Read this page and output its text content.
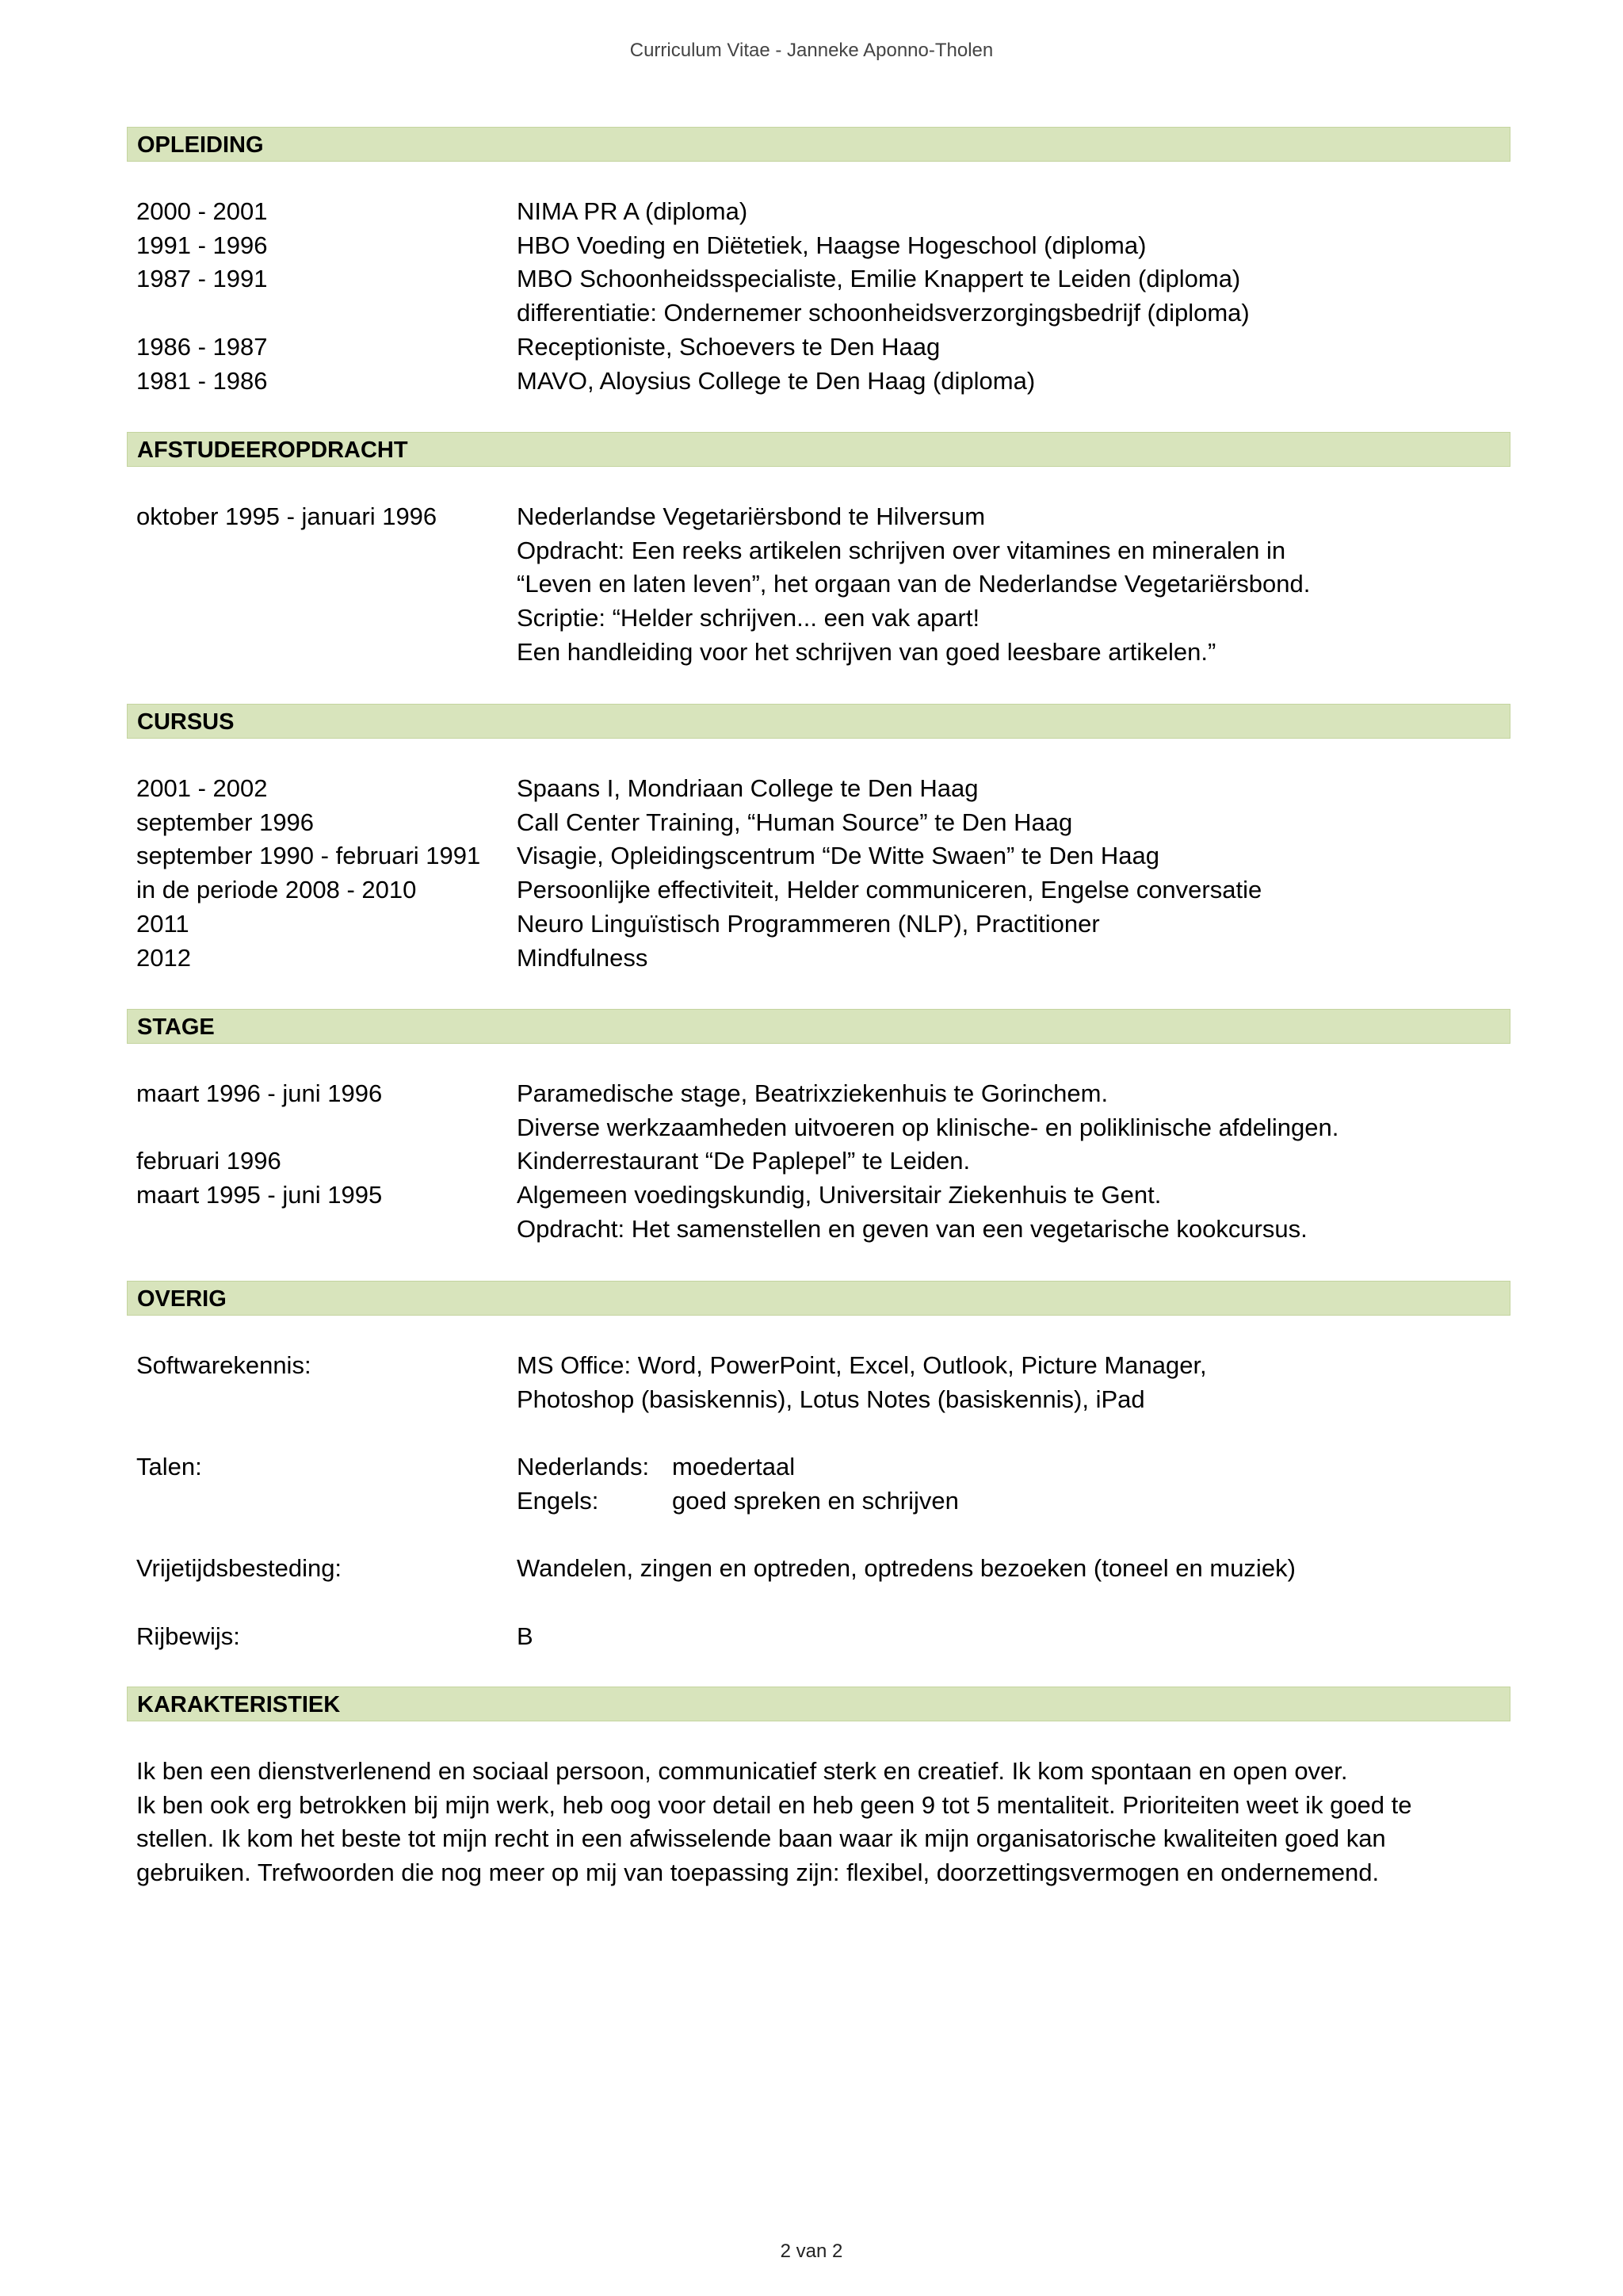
Curriculum Vitae - Janneke Aponno-Tholen
OPLEIDING
2000 - 2001	NIMA PR A (diploma)
1991 - 1996	HBO Voeding en Diëtetiek, Haagse Hogeschool (diploma)
1987 - 1991	MBO Schoonheidsspecialiste, Emilie Knappert te Leiden (diploma)
differentiatie: Ondernemer schoonheidsverzorgingsbedrijf (diploma)
1986 - 1987	Receptioniste, Schoevers te Den Haag
1981 - 1986	MAVO, Aloysius College te Den Haag (diploma)
AFSTUDEEROPDRACHT
oktober 1995 - januari 1996	Nederlandse Vegetariërsbond te Hilversum
Opdracht: Een reeks artikelen schrijven over vitamines en mineralen in
“Leven en laten leven”, het orgaan van de Nederlandse Vegetariërsbond.
Scriptie: “Helder schrijven... een vak apart!
Een handleiding voor het schrijven van goed leesbare artikelen.”
CURSUS
2001 - 2002	Spaans I, Mondriaan College te Den Haag
september 1996	Call Center Training, “Human Source” te Den Haag
september 1990 - februari 1991	Visagie, Opleidingscentrum “De Witte Swaen” te Den Haag
in de periode 2008 - 2010	Persoonlijke effectiviteit, Helder communiceren, Engelse conversatie
2011	Neuro Linguïstisch Programmeren (NLP), Practitioner
2012	Mindfulness
STAGE
maart 1996 - juni 1996	Paramedische stage, Beatrixziekenhuis te Gorinchem.
Diverse werkzaamheden uitvoeren op klinische- en poliklinische afdelingen.
februari 1996	Kinderrestaurant “De Paplepel” te Leiden.
maart 1995 - juni 1995	Algemeen voedingskundig, Universitair Ziekenhuis te Gent.
Opdracht: Het samenstellen en geven van een vegetarische kookcursus.
OVERIG
Softwarekennis:	MS Office: Word, PowerPoint, Excel, Outlook, Picture Manager,
Photoshop (basiskennis), Lotus Notes (basiskennis), iPad
Talen:	Nederlands: moedertaal
Engels:	goed spreken en schrijven
Vrijetijdsbesteding:	Wandelen, zingen en optreden, optredens bezoeken (toneel en muziek)
Rijbewijs:	B
KARAKTERISTIEK
Ik ben een dienstverlenend en sociaal persoon, communicatief sterk en creatief. Ik kom spontaan en open over.
Ik ben ook erg betrokken bij mijn werk, heb oog voor detail en heb geen 9 tot 5 mentaliteit. Prioriteiten weet ik goed te
stellen. Ik kom het beste tot mijn recht in een afwisselende baan waar ik mijn organisatorische kwaliteiten goed kan
gebruiken. Trefwoorden die nog meer op mij van toepassing zijn: flexibel, doorzettingsvermogen en ondernemend.
2 van 2
